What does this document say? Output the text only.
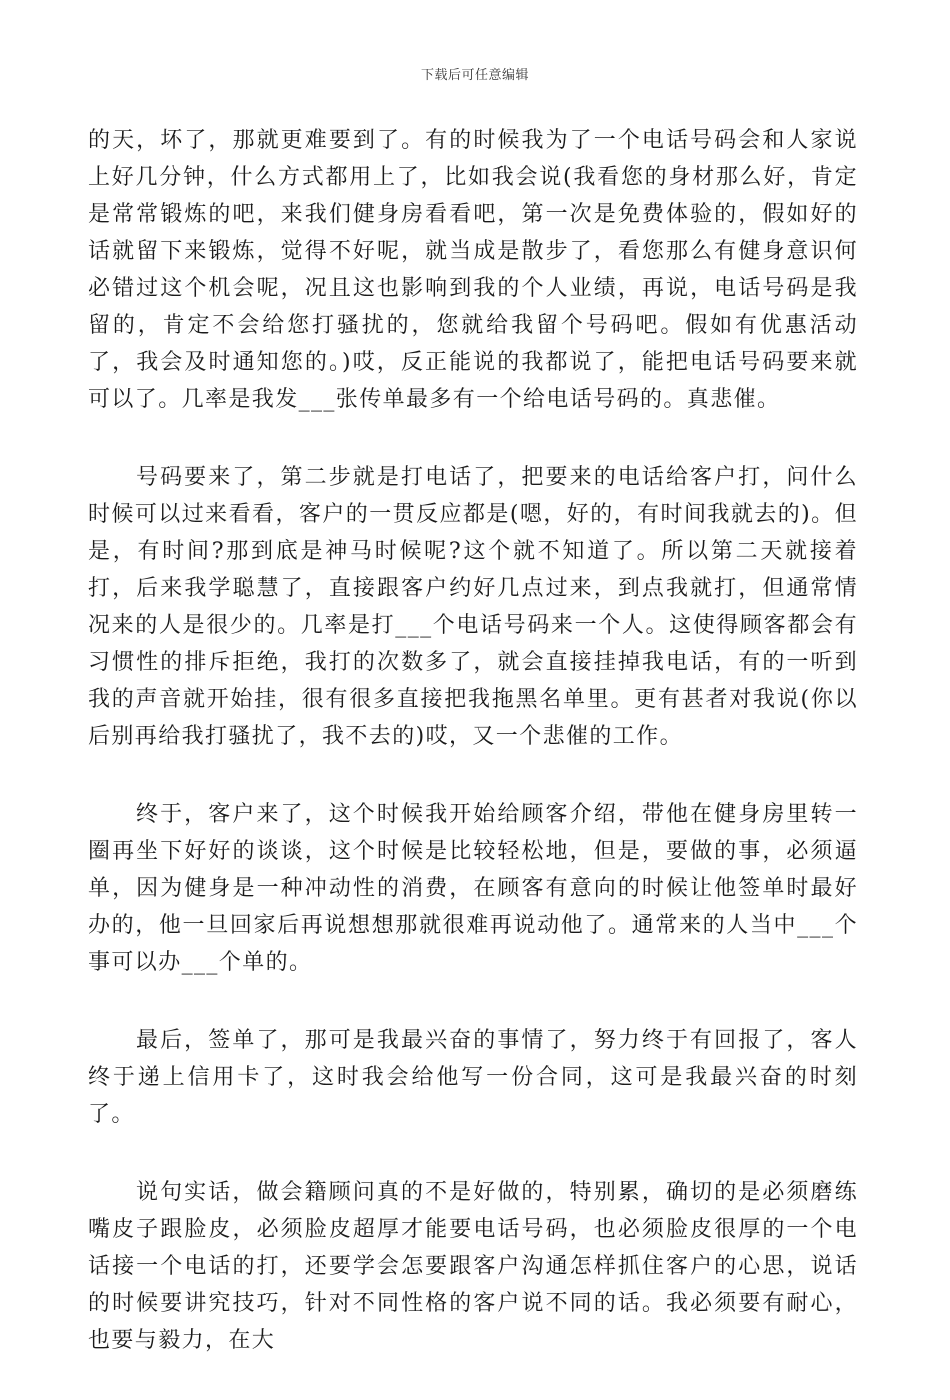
下载后可任意编辑

的天，坏了，那就更难要到了。有的时候我为了一个电话号码会和人家说上好几分钟，什么方式都用上了，比如我会说(我看您的身材那么好，肯定是常常锻炼的吧，来我们健身房看看吧，第一次是免费体验的，假如好的话就留下来锻炼，觉得不好呢，就当成是散步了，看您那么有健身意识何必错过这个机会呢，况且这也影响到我的个人业绩，再说，电话号码是我留的，肯定不会给您打骚扰的，您就给我留个号码吧。假如有优惠活动了，我会及时通知您的。)哎，反正能说的我都说了，能把电话号码要来就可以了。几率是我发___张传单最多有一个给电话号码的。真悲催。

号码要来了，第二步就是打电话了，把要来的电话给客户打，问什么时候可以过来看看，客户的一贯反应都是(嗯，好的，有时间我就去的)。但是，有时间?那到底是神马时候呢?这个就不知道了。所以第二天就接着打，后来我学聪慧了，直接跟客户约好几点过来，到点我就打，但通常情况来的人是很少的。几率是打___个电话号码来一个人。这使得顾客都会有习惯性的排斥拒绝，我打的次数多了，就会直接挂掉我电话，有的一听到我的声音就开始挂，很有很多直接把我拖黑名单里。更有甚者对我说(你以后别再给我打骚扰了，我不去的)哎，又一个悲催的工作。

终于，客户来了，这个时候我开始给顾客介绍，带他在健身房里转一圈再坐下好好的谈谈，这个时候是比较轻松地，但是，要做的事，必须逼单，因为健身是一种冲动性的消费，在顾客有意向的时候让他签单时最好办的，他一旦回家后再说想想那就很难再说动他了。通常来的人当中___个事可以办___个单的。

最后，签单了，那可是我最兴奋的事情了，努力终于有回报了，客人终于递上信用卡了，这时我会给他写一份合同，这可是我最兴奋的时刻了。

说句实话，做会籍顾问真的不是好做的，特别累，确切的是必须磨练嘴皮子跟脸皮，必须脸皮超厚才能要电话号码，也必须脸皮很厚的一个电话接一个电话的打，还要学会怎要跟客户沟通怎样抓住客户的心思，说话的时候要讲究技巧，针对不同性格的客户说不同的话。我必须要有耐心，也要与毅力，在大
